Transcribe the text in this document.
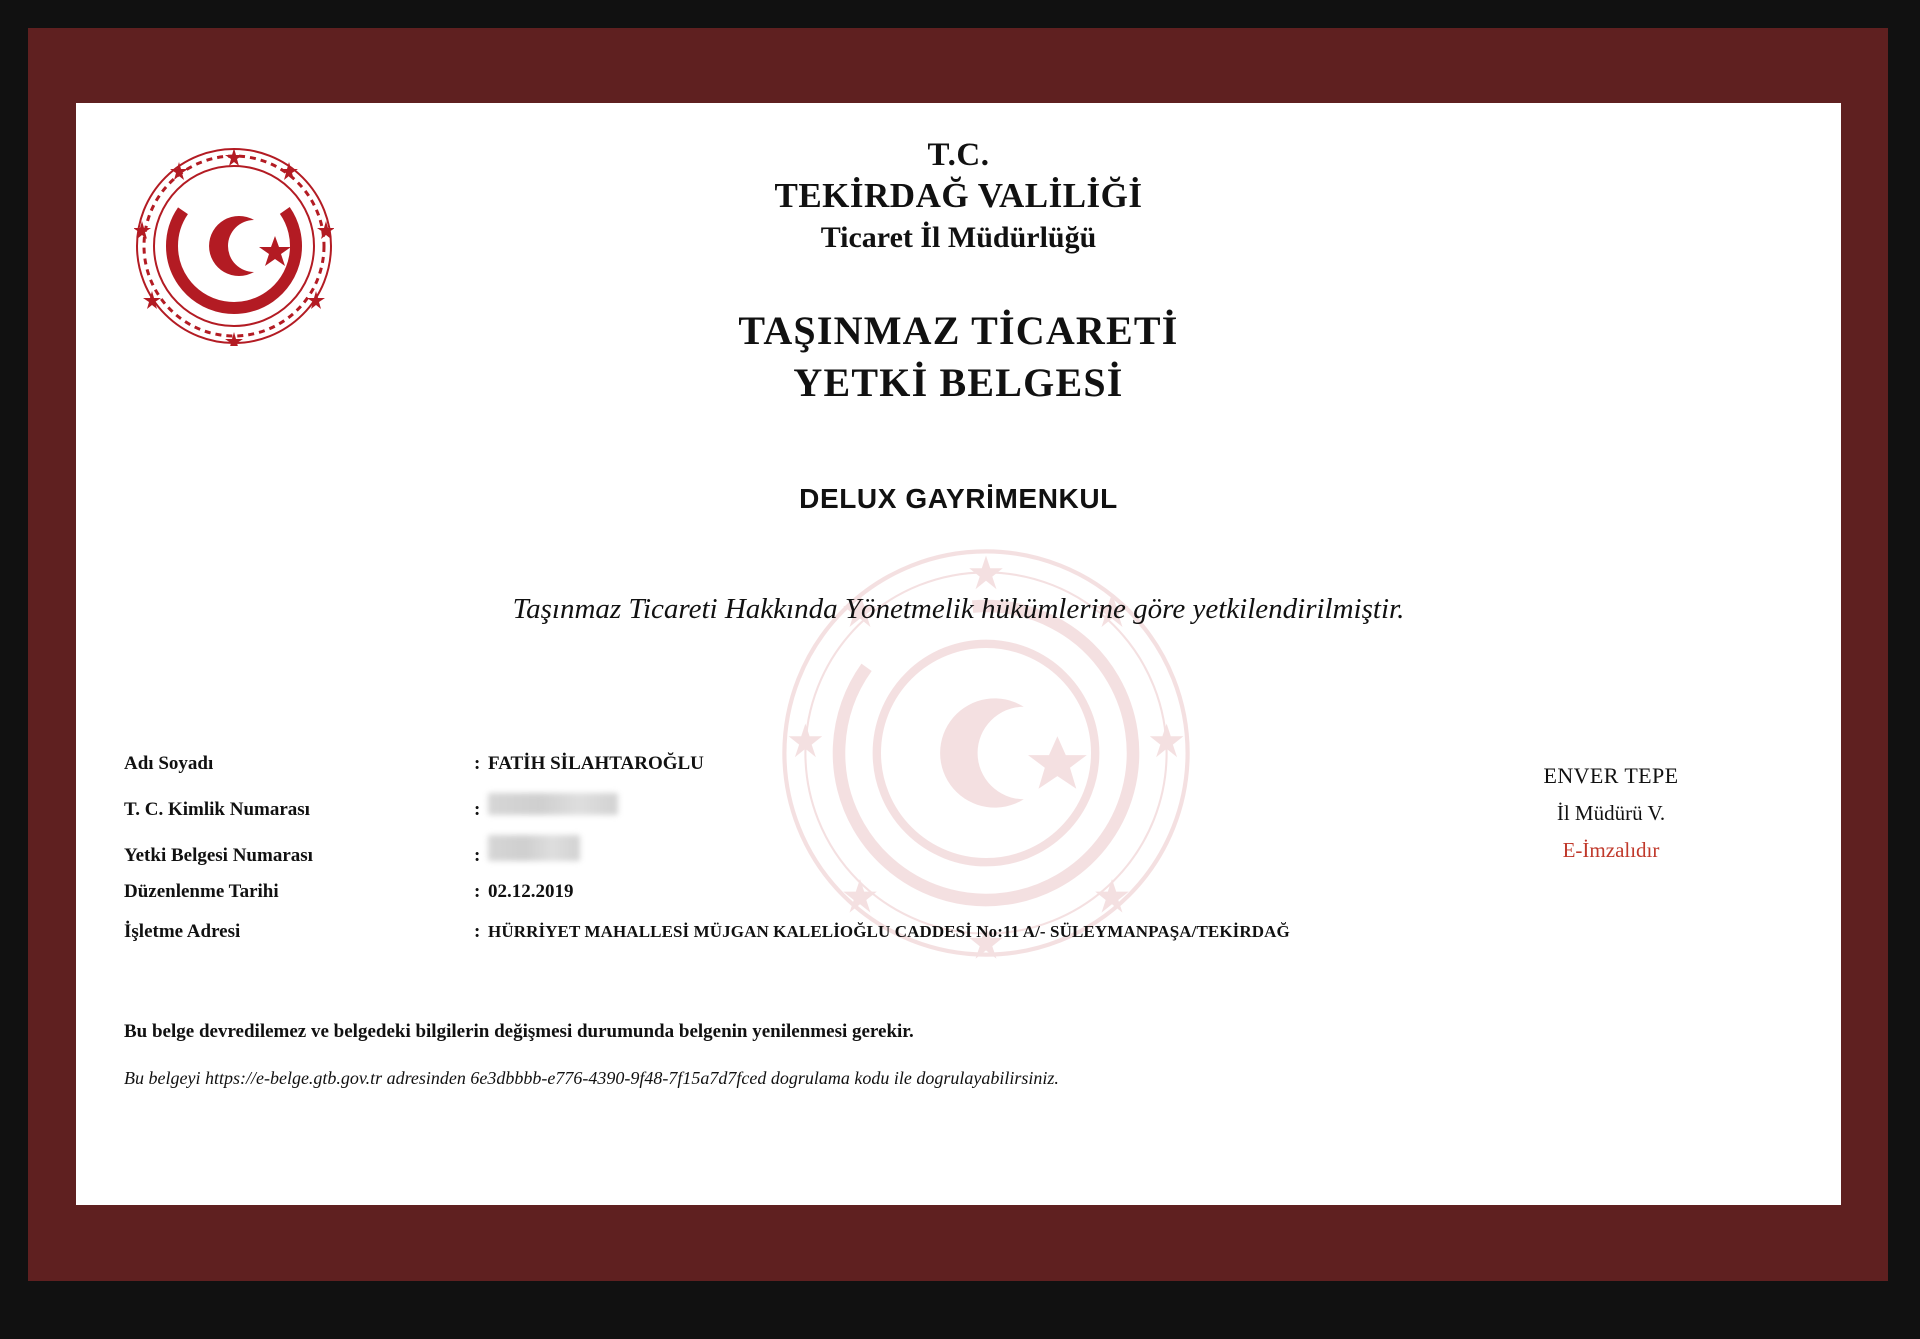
T.C.
TEKİRDAĞ VALİLİĞİ
Ticaret İl Müdürlüğü
TAŞINMAZ TİCARETİ
YETKİ BELGESİ
DELUX GAYRİMENKUL
Taşınmaz Ticareti Hakkında Yönetmelik hükümlerine göre yetkilendirilmiştir.
Adı Soyadı	: FATİH SİLAHTAROĞLU
T. C. Kimlik Numarası	:
Yetki Belgesi Numarası	:
Düzenlenme Tarihi	: 02.12.2019
İşletme Adresi	: HÜRRİYET MAHALLESİ MÜJGAN KALELİOĞLU CADDESİ No:11 A/- SÜLEYMANPAŞA/TEKİRDAĞ
Bu belge devredilemez ve belgedeki bilgilerin değişmesi durumunda belgenin yenilenmesi gerekir.
Bu belgeyi https://e-belge.gtb.gov.tr adresinden 6e3dbbbb-e776-4390-9f48-7f15a7d7fced dogrulama kodu ile dogrulayabilirsiniz.
ENVER TEPE
İl Müdürü V.
E-İmzalıdır
